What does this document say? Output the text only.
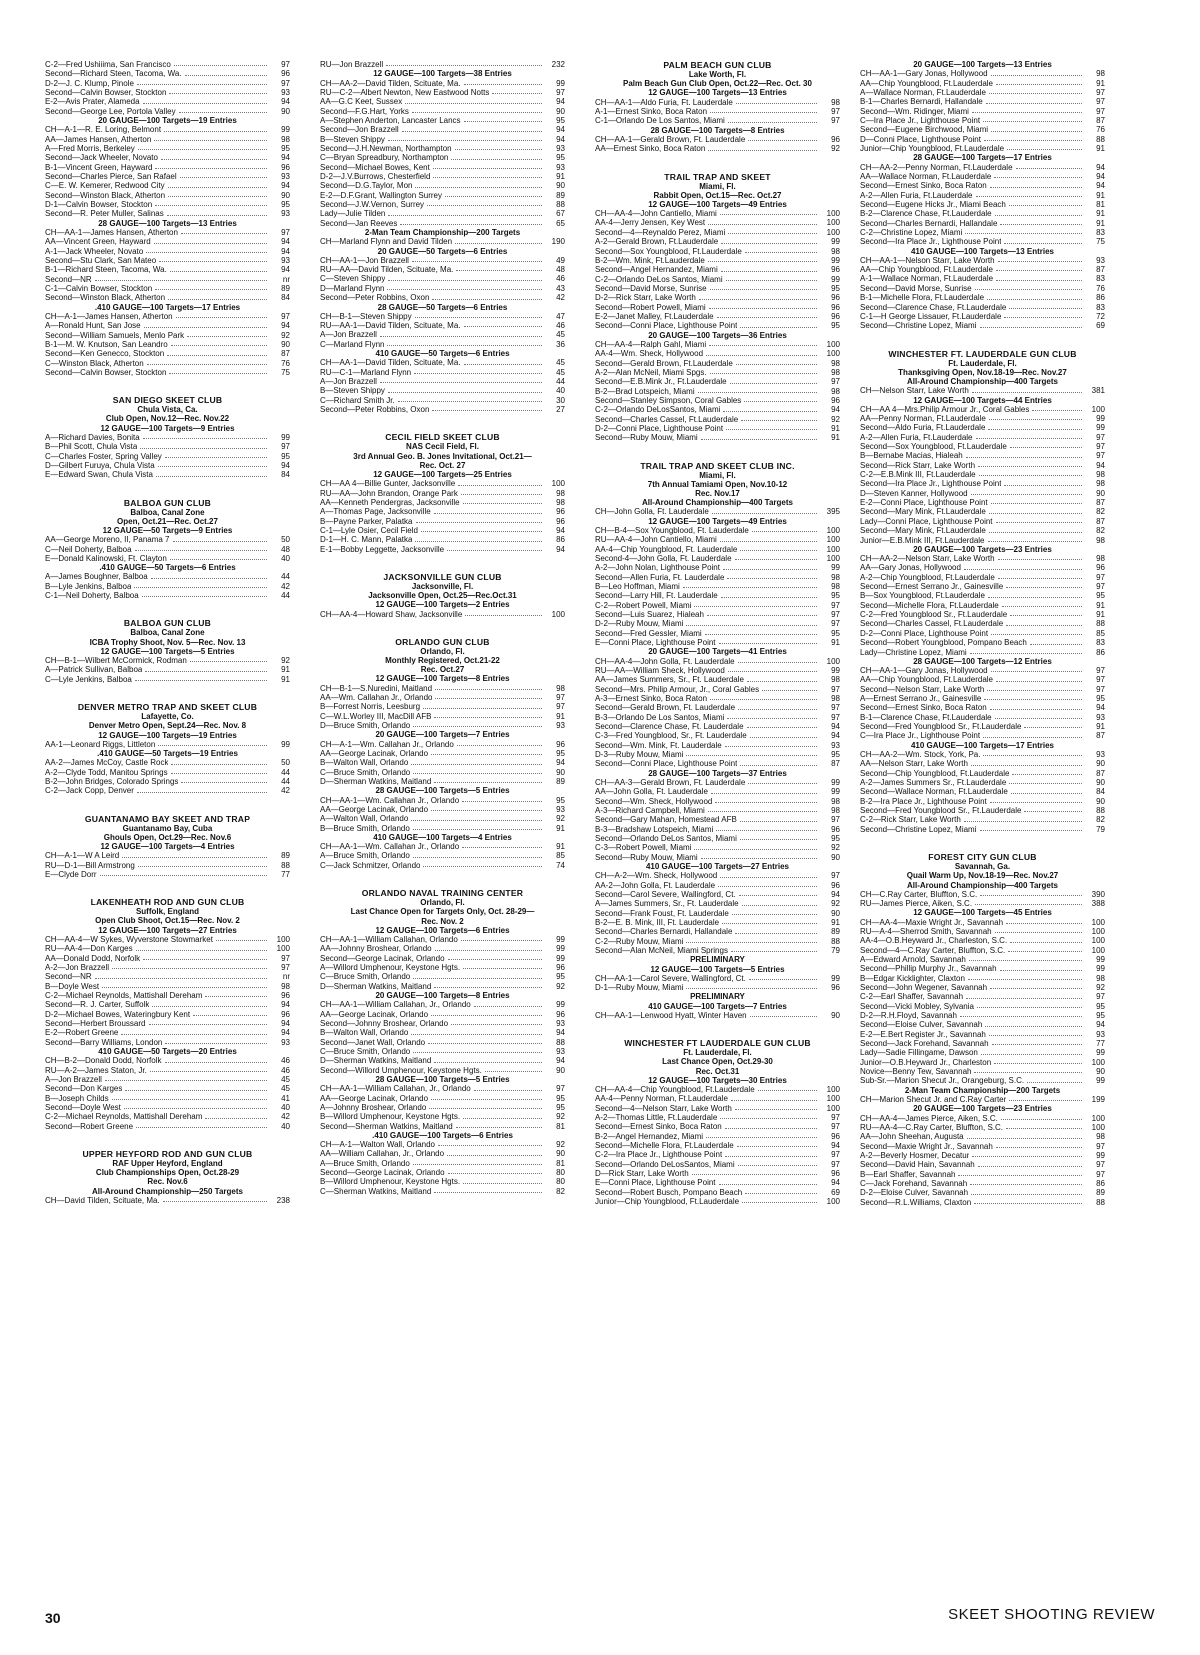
C-2—Fred Ushiiima, San Francisco	97
Second—Richard Steen, Tacoma, Wa.	96
D-2—J. C. Klump, Pinole	97
Second—Calvin Bowser, Stockton	93
E-2—Avis Prater, Alameda	94
Second—George Lee, Portola Valley	90
20 GAUGE—100 Targets—19 Entries
CH—A-1—R. E. Loring, Belmont	99
AA—James Hansen, Atherton	98
A—Fred Morris, Berkeley	95
Second—Jack Wheeler, Novato	94
B-1—Vincent Green, Hayward	96
Second—Charles Pierce, San Rafael	93
C—E. W. Kemerer, Redwood City	94
Second—Winston Black, Atherton	90
D-1—Calvin Bowser, Stockton	95
Second—R. Peter Muller, Salinas	93
28 GAUGE—100 Targets—13 Entries
CH—AA-1—James Hansen, Atherton	97
AA—Vincent Green, Hayward	94
A-1—Jack Wheeler, Novato	94
Second—Stu Clark, San Mateo	93
B-1—Richard Steen, Tacoma, Wa.	94
Second—NR	nr
C-1—Calvin Bowser, Stockton	89
Second—Winston Black, Atherton	84
.410 GAUGE—100 Targets—17 Entries
CH—A-1—James Hansen, Atherton	97
A—Ronald Hunt, San Jose	94
Second—William Samuels, Menlo Park	92
B-1—M. W. Knutson, San Leandro	90
Second—Ken Genecco, Stockton	87
C—Winston Black, Atherton	76
Second—Calvin Bowser, Stockton	75
SAN DIEGO SKEET CLUB
Chula Vista, Ca.
Club Open, Nov.12—Rec. Nov.22
12 GAUGE—100 Targets—9 Entries
A—Richard Davies, Bonita	99
B—Phil Scott, Chula Vista	97
C—Charles Foster, Spring Valley	95
D—Gilbert Furuya, Chula Vista	94
E—Edward Swan, Chula Vista	84
BALBOA GUN CLUB
Balboa, Canal Zone
Open, Oct.21—Rec. Oct.27
12 GAUGE—50 Targets—9 Entries
AA—George Moreno, II, Panama 7	50
C—Neil Doherty, Balboa	48
E—Donald Kalinowski, Ft. Clayton	40
.410 GAUGE—50 Targets—6 Entries
A—James Boughner, Balboa	44
B—Lyle Jenkins, Balboa	42
C-1—Neil Doherty, Balboa	44
BALBOA GUN CLUB
Balboa, Canal Zone
ICBA Trophy Shoot, Nov. 5—Rec. Nov. 13
12 GAUGE—100 Targets—5 Entries
CH—B-1—Wilbert McCormick, Rodman	92
A—Patrick Sullivan, Balboa	91
C—Lyle Jenkins, Balboa	91
DENVER METRO TRAP AND SKEET CLUB
Lafayette, Co.
Denver Metro Open, Sept.24—Rec. Nov. 8
12 GAUGE—100 Targets—19 Entries
AA-1—Leonard Riggs, Littleton	99
.410 GAUGE—50 Targets—19 Entries
AA-2—James McCoy, Castle Rock	50
A-2—Clyde Todd, Manitou Springs	44
B-2—John Bridges, Colorado Springs	44
C-2—Jack Copp, Denver	42
GUANTANAMO BAY SKEET AND TRAP
Guantanamo Bay, Cuba
Ghouls Open, Oct.29—Rec. Nov.6
12 GAUGE—100 Targets—4 Entries
CH—A-1—W A Leird	89
RU—D-1—Bill Armstrong	88
E—Clyde Dorr	77
LAKENHEATH ROD AND GUN CLUB
Suffolk, England
Open Club Shoot, Oct.15—Rec. Nov. 2
12 GAUGE—100 Targets—27 Entries
CH—AA-4—W Sykes, Wyverstone Stowmarket	100
RU—AA-4—Don Karges	100
AA—Donald Dodd, Norfolk	97
A-2—Jon Brazzell	97
Second—NR	nr
B—Doyle West	98
C-2—Michael Reynolds, Mattishall Dereham	96
Second—R. J. Carter, Suffolk	94
D-2—Michael Bowes, Wateringbury Kent	96
Second—Herbert Broussard	94
E-2—Robert Greene	94
Second—Barry Williams, London	93
410 GAUGE—50 Targets—20 Entries
CH—B-2—Donald Dodd, Norfolk	46
RU—A-2—James Staton, Jr.	46
A—Jon Brazzell	45
Second—Don Karges	45
B—Joseph Childs	41
Second—Doyle West	40
C-2—Michael Reynolds, Mattishall Dereham	42
Second—Robert Greene	40
UPPER HEYFORD ROD AND GUN CLUB
RAF Upper Heyford, England
Club Championships Open, Oct.28-29
Rec. Nov.6
All-Around Championship—250 Targets
CH—David Tilden, Scituate, Ma.	238
RU—Jon Brazzell	232
12 GAUGE—100 Targets—38 Entries
CH—AA-2—David Tilden, Scituate, Ma.	99
RU—C-2—Albert Newton, New Eastwood Notts	97
AA—G.C Keet, Sussex	94
Second—F.G.Hart, Yorks	90
A—Stephen Anderton, Lancaster Lancs	95
Second—Jon Brazzell	94
B—Steven Shippy	94
Second—J.H.Newman, Northampton	93
C—Bryan Spreadbury, Northampton	95
Second—Michael Bowes, Kent	93
D-2—J.V.Burrows, Chesterfield	91
Second—D.G.Taylor, Mon	90
E-2—D.F.Grant, Wallington Surrey	89
Second—J.W.Vernon, Surrey	88
Lady—Julie Tilden	67
Second—Jan Reeves	65
2-Man Team Championship—200 Targets
CH—Marland Flynn and David Tilden	190
20 GAUGE—50 Targets—6 Entries
CH—AA-1—Jon Brazzell	49
RU—AA—David Tilden, Scituate, Ma.	48
C—Steven Shippy	46
D—Marland Flynn	43
Second—Peter Robbins, Oxon	42
28 GAUGE—50 Targets—6 Entries
CH—B-1—Steven Shippy	47
RU—AA-1—David Tilden, Scituate, Ma.	46
A—Jon Brazzell	45
C—Marland Flynn	36
410 GAUGE—50 Targets—6 Entries
CH—AA-1—David Tilden, Scituate, Ma.	45
RU—C-1—Marland Flynn	45
A—Jon Brazzell	44
B—Steven Shippy	40
C—Richard Smith Jr.	30
Second—Peter Robbins, Oxon	27
CECIL FIELD SKEET CLUB
NAS Cecil Field, Fl.
3rd Annual Geo. B. Jones Invitational, Oct.21—
Rec. Oct. 27
12 GAUGE—100 Targets—25 Entries
CH—AA 4—Billie Gunter, Jacksonville	100
RU—AA—John Brandon, Orange Park	98
AA—Kenneth Pendergras, Jacksonville	98
A—Thomas Page, Jacksonville	96
B—Payne Parker, Palatka	96
C-1—Lyle Osier, Cecil Field	94
D-1—H. C. Mann, Palatka	86
E-1—Bobby Leggette, Jacksonville	94
JACKSONVILLE GUN CLUB
Jacksonville, Fl.
Jacksonville Open, Oct.25—Rec.Oct.31
12 GAUGE—100 Targets—2 Entries
CH—AA-4—Howard Shaw, Jacksonville	100
ORLANDO GUN CLUB
Orlando, Fl.
Monthly Registered, Oct.21-22
Rec. Oct.27
12 GAUGE—100 Targets—8 Entries
CH—B-1—S.Nuredini, Maitland	98
AA—Wm. Callahan Jr., Orlando	97
B—Forrest Norris, Leesburg	97
C—W.L.Worley III, MacDill AFB	91
D—Bruce Smith, Orlando	93
20 GAUGE—100 Targets—7 Entries
CH—A-1—Wm. Callahan Jr., Orlando	96
AA—George Lacinak, Orlando	95
B—Walton Wall, Orlando	94
C—Bruce Smith, Orlando	90
D—Sherman Watkins, Maitland	89
28 GAUGE—100 Targets—5 Entries
CH—AA-1—Wm. Callahan Jr., Orlando	95
AA—George Lacinak, Orlando	93
A—Walton Wall, Orlando	92
B—Bruce Smith, Orlando	91
410 GAUGE—100 Targets—4 Entries
CH—AA-1—Wm. Callahan Jr., Orlando	91
A—Bruce Smith, Orlando	85
C—Jack Schmitzer, Orlando	74
ORLANDO NAVAL TRAINING CENTER
Orlando, Fl.
Last Chance Open for Targets Only, Oct. 28-29—
Rec. Nov. 2
12 GAUGE—100 Targets—6 Entries
CH—AA-1—William Callahan, Orlando	99
AA—Johnny Broshear, Orlando	99
Second—George Lacinak, Orlando	99
A—Willord Umphenour, Keystone Hgts.	96
C—Bruce Smith, Orlando	95
D—Sherman Watkins, Maitland	92
20 GAUGE—100 Targets—8 Entries
CH—AA-1—William Callahan, Jr., Orlando	99
AA—George Lacinak, Orlando	96
Second—Johnny Broshear, Orlando	93
B—Walton Wall, Orlando	94
Second—Janet Wall, Orlando	88
C—Bruce Smith, Orlando	93
D—Sherman Watkins, Maitland	94
Second—Willord Umphenour, Keystone Hgts.	90
28 GAUGE—100 Targets—5 Entries
CH—AA-1—William Callahan, Jr., Orlando	97
AA—George Lacinak, Orlando	95
A—Johnny Broshear, Orlando	95
B—Willord Umphenour, Keystone Hgts.	92
Second—Sherman Watkins, Maitland	81
.410 GAUGE—100 Targets—6 Entries
CH—A-1—Walton Wall, Orlando	92
AA—William Callahan, Jr., Orlando	90
A—Bruce Smith, Orlando	81
Second—George Lacinak, Orlando	80
B—Willord Umphenour, Keystone Hgts.	80
C—Sherman Watkins, Maitland	82
PALM BEACH GUN CLUB
Lake Worth, Fl.
Palm Beach Gun Club Open, Oct.22—Rec. Oct. 30
12 GAUGE—100 Targets—13 Entries
CH—AA-1—Aldo Furia, Ft. Lauderdale	98
A-1—Ernest Sinko, Boca Raton	97
C-1—Orlando De Los Santos, Miami	97
28 GAUGE—100 Targets—8 Entries
CH—AA-1—Gerald Brown, Ft. Lauderdale	96
AA—Ernest Sinko, Boca Raton	92
TRAIL TRAP AND SKEET
Miami, Fl.
Rabbit Open, Oct.15—Rec. Oct.27
12 GAUGE—100 Targets—49 Entries
CH—AA-4—John Cantiello, Miami	100
AA-4—Jerry Jensen, Key West	100
Second—4—Reynaldo Perez, Miami	100
A-2—Gerald Brown, Ft.Lauderdale	99
Second—Sox Youngblood, Ft.Lauderdale	98
B-2—Wm. Mink, Ft.Lauderdale	99
Second—Angel Hernandez, Miami	96
C-2—Orlando DeLos Santos, Miami	99
Second—David Morse, Sunrise	95
D-2—Rick Starr, Lake Worth	96
Second—Robert Powell, Miami	96
E-2—Janet Malley, Ft.Lauderdale	96
Second—Conni Place, Lighthouse Point	95
20 GAUGE—100 Targets—36 Entries
CH—AA-4—Ralph Gahl, Miami	100
AA-4—Wm. Sheck, Hollywood	100
Second—Gerald Brown, Ft.Lauderdale	98
A-2—Alan McNeil, Miami Spgs.	98
Second—E.B.Mink Jr., Ft.Lauderdale	97
B-2—Brad Lotspeich, Miami	98
Second—Stanley Simpson, Coral Gables	96
C-2—Orlando DeLosSantos, Miami	94
Second—Charles Cassel, Ft.Lauderdale	92
D-2—Conni Place, Lighthouse Point	91
Second—Ruby Mouw, Miami	91
TRAIL TRAP AND SKEET CLUB INC.
Miami, Fl.
7th Annual Tamiami Open, Nov.10-12
Rec. Nov.17
All-Around Championship—400 Targets
CH—John Golla, Ft. Lauderdale	395
12 GAUGE—100 Targets—49 Entries
CH—B-4—Sox Youngblood, Ft. Lauderdale	100
RU—AA-4—John Cantiello, Miami	100
AA-4—Chip Youngblood, Ft. Lauderdale	100
Second-4—John Golla, Ft. Lauderdale	100
A-2—John Nolan, Lighthouse Point	99
Second—Allen Furia, Ft. Lauderdale	98
B—Leo Hoffman, Miami	98
Second—Larry Hill, Ft. Lauderdale	95
C-2—Robert Powell, Miami	97
Second—Luis Suarez, Hialeah	97
D-2—Ruby Mouw, Miami	97
Second—Fred Gessler, Miami	95
E—Conni Place, Lighthouse Point	91
20 GAUGE—100 Targets—41 Entries
CH—AA-4—John Golla, Ft. Lauderdale	100
RU—AA—William Sheck, Hollywood	99
AA—James Summers, Sr., Ft. Lauderdale	98
Second—Mrs. Philip Armour, Jr., Coral Gables	97
A-3—Ernest Sinko, Boca Raton	98
Second—Gerald Brown, Ft. Lauderdale	97
B-3—Orlando De Los Santos, Miami	97
Second—Clarence Chase, Ft. Lauderdale	94
C-3—Fred Youngblood, Sr., Ft. Lauderdale	94
Second—Wm. Mink, Ft. Lauderdale	93
D-3—Ruby Mouw, Miami	95
Second—Conni Place, Lighthouse Point	87
28 GAUGE—100 Targets—37 Entries
CH—AA-3—Gerald Brown, Ft. Lauderdale	99
AA—John Golla, Ft. Lauderdale	99
Second—Wm. Sheck, Hollywood	98
A-3—Richard Campbell, Miami	98
Second—Gary Mahan, Homestead AFB	97
B-3—Bradshaw Lotspeich, Miami	96
Second—Orlando DeLos Santos, Miami	95
C-3—Robert Powell, Miami	92
Second—Ruby Mouw, Miami	90
410 GAUGE—100 Targets—27 Entries
CH—A-2—Wm. Sheck, Hollywood	97
AA-2—John Golla, Ft. Lauderdale	96
Second—Carol Severe, Wallingford, Ct.	94
A—James Summers, Sr., Ft. Lauderdale	92
Second—Frank Foust, Ft. Lauderdale	90
B-2—E. B. Mink, III, Ft. Lauderdale	91
Second—Charles Bernardi, Hallandale	89
C-2—Ruby Mouw, Miami	88
Second—Alan McNeil, Miami Springs	79
PRELIMINARY
12 GAUGE—100 Targets—5 Entries
CH—AA-1—Carol Severe, Wallingford, Ct.	99
D-1—Ruby Mouw, Miami	96
PRELIMINARY
410 GAUGE—100 Targets—7 Entries
CH—AA-1—Lenwood Hyatt, Winter Haven	90
WINCHESTER FT LAUDERDALE GUN CLUB
Ft. Lauderdale, Fl.
Last Chance Open, Oct.29-30
Rec. Oct.31
12 GAUGE—100 Targets—30 Entries
CH—AA-4—Chip Youngblood, Ft.Lauderdale	100
AA-4—Penny Norman, Ft.Lauderdale	100
Second—4—Nelson Starr, Lake Worth	100
A-2—Thomas Little, Ft.Lauderdale	97
Second—Ernest Sinko, Boca Raton	97
B-2—Angel Hernandez, Miami	96
Second—Michelle Flora, Ft.Lauderdale	94
C-2—Ira Place Jr., Lighthouse Point	97
Second—Orlando DeLosSantos, Miami	97
D—Rick Starr, Lake Worth	96
E—Conni Place, Lighthouse Point	94
Second—Robert Busch, Pompano Beach	69
Junior—Chip Youngblood, Ft.Lauderdale	100
20 GAUGE—100 Targets—13 Entries
CH—AA-1—Gary Jonas, Hollywood	98
AA—Chip Youngblood, Ft.Lauderdale	91
A—Wallace Norman, Ft.Lauderdale	97
B-1—Charles Bernardi, Hallandale	97
Second—Wm. Ridinger, Miami	97
C—Ira Place Jr., Lighthouse Point	87
Second—Eugene Birchwood, Miami	76
D—Conni Place, Lighthouse Point	88
Junior—Chip Youngblood, Ft.Lauderdale	91
28 GAUGE—100 Targets—17 Entries
CH—AA-2—Penny Norman, Ft.Lauderdale	94
AA—Wallace Norman, Ft.Lauderdale	94
Second—Ernest Sinko, Boca Raton	94
A-2—Allen Furia, Ft.Lauderdale	91
Second—Eugene Hicks Jr., Miami Beach	81
B-2—Clarence Chase, Ft.Lauderdale	91
Second—Charles Bernardi, Hallandale	91
C-2—Christine Lopez, Miami	83
Second—Ira Place Jr., Lighthouse Point	75
410 GAUGE—100 Targets—13 Entries
CH—AA-1—Nelson Starr, Lake Worth	93
AA—Chip Youngblood, Ft.Lauderdale	87
A-1—Wallace Norman, Ft.Lauderdale	83
Second—David Morse, Sunrise	76
B-1—Michelle Flora, Ft.Lauderdale	86
Second—Clarence Chase, Ft.Lauderdale	83
C-1—H George Lissauer, Ft.Lauderdale	72
Second—Christine Lopez, Miami	69
WINCHESTER FT. LAUDERDALE GUN CLUB
Ft. Lauderdale, Fl.
Thanksgiving Open, Nov.18-19—Rec. Nov.27
All-Around Championship—400 Targets
CH—Nelson Starr, Lake Worth	381
12 GAUGE—100 Targets—44 Entries
CH—AA 4—Mrs.Philip Armour Jr., Coral Gables	100
AA—Penny Norman, Ft.Lauderdale	99
Second—Aldo Furia, Ft.Lauderdale	99
A-2—Allen Furia, Ft.Lauderdale	97
Second—Sox Youngblood, Ft.Lauderdale	97
B—Bernabe Macias, Hialeah	97
Second—Rick Starr, Lake Worth	94
C-2—E.B.Mink III, Ft.Lauderdale	98
Second—Ira Place Jr., Lighthouse Point	98
D—Steven Kanner, Hollywood	90
E-2—Conni Place, Lighthouse Point	87
Second—Mary Mink, Ft.Lauderdale	82
Lady—Conni Place, Lighthouse Point	87
Second—Mary Mink, Ft.Lauderdale	82
Junior—E.B.Mink III, Ft.Lauderdale	98
20 GAUGE—100 Targets—23 Entries
CH—AA-2—Nelson Starr, Lake Worth	98
AA—Gary Jonas, Hollywood	96
A-2—Chip Youngblood, Ft.Lauderdale	97
Second—Ernest Serrano Jr., Gainesville	97
B—Sox Youngblood, Ft.Lauderdale	95
Second—Michelle Flora, Ft.Lauderdale	91
C-2—Fred Youngblood Sr., Ft.Lauderdale	91
Second—Charles Cassel, Ft.Lauderdale	88
D-2—Conni Place, Lighthouse Point	85
Second—Robert Youngblood, Pompano Beach	83
Lady—Christine Lopez, Miami	86
28 GAUGE—100 Targets—12 Entries
CH—AA-1—Gary Jonas, Hollywood	97
AA—Chip Youngblood, Ft.Lauderdale	97
Second—Nelson Starr, Lake Worth	97
A—Ernest Serrano Jr., Gainesville	95
Second—Ernest Sinko, Boca Raton	94
B-1—Clarence Chase, Ft.Lauderdale	93
Second—Fred Youngblood Sr., Ft.Lauderdale	91
C—Ira Place Jr., Lighthouse Point	87
410 GAUGE—100 Targets—17 Entries
CH—AA-2—Wm. Stock, York, Pa.	93
AA—Nelson Starr, Lake Worth	90
Second—Chip Youngblood, Ft.Lauderdale	87
A-2—James Summers Sr., Ft.Lauderdale	90
Second—Wallace Norman, Ft.Lauderdale	84
B-2—Ira Place Jr., Lighthouse Point	90
Second—Fred Youngblood Sr., Ft.Lauderdale	88
C-2—Rick Starr, Lake Worth	82
Second—Christine Lopez, Miami	79
FOREST CITY GUN CLUB
Savannah, Ga.
Quail Warm Up, Nov.18-19—Rec. Nov.27
All-Around Championship—400 Targets
CH—C.Ray Carter, Bluffton, S.C.	390
RU—James Pierce, Aiken, S.C.	388
12 GAUGE—100 Targets—45 Entries
CH—AA-4—Maxie Wright Jr., Savannah	100
RU—A-4—Sherrod Smith, Savannah	100
AA-4—O.B.Heyward Jr., Charleston, S.C.	100
Second—4—C.Ray Carter, Bluffton, S.C.	100
A—Edward Arnold, Savannah	99
Second—Phillip Murphy Jr., Savannah	99
B—Edgar Kicklighter, Claxton	98
Second—John Wegener, Savannah	92
C-2—Earl Shaffer, Savannah	97
Second—Vicki Mobley, Sylvania	95
D-2—R.H.Floyd, Savannah	95
Second—Eloise Culver, Savannah	94
E-2—E.Bert Register Jr., Savannah	93
Second—Jack Forehand, Savannah	77
Lady—Sadie Fillingame, Dawson	99
Junior—O.B.Heyward Jr., Charleston	100
Novice—Benny Tew, Savannah	90
Sub-Sr.—Marion Shecut Jr., Orangeburg, S.C.	99
2-Man Team Championship—200 Targets
CH—Marion Shecut Jr. and C.Ray Carter	199
20 GAUGE—100 Targets—23 Entries
CH—AA-4—James Pierce, Aiken, S.C.	100
RU—AA-4—C.Ray Carter, Bluffton, S.C.	100
AA—John Sheehan, Augusta	98
Second—Maxie Wright Jr., Savannah	97
A-2—Beverly Hosmer, Decatur	99
Second—David Hain, Savannah	97
B—Earl Shaffer, Savannah	97
C—Jack Forehand, Savannah	86
D-2—Eloise Culver, Savannah	89
Second—R.L.Williams, Claxton	88
30	SKEET SHOOTING REVIEW
